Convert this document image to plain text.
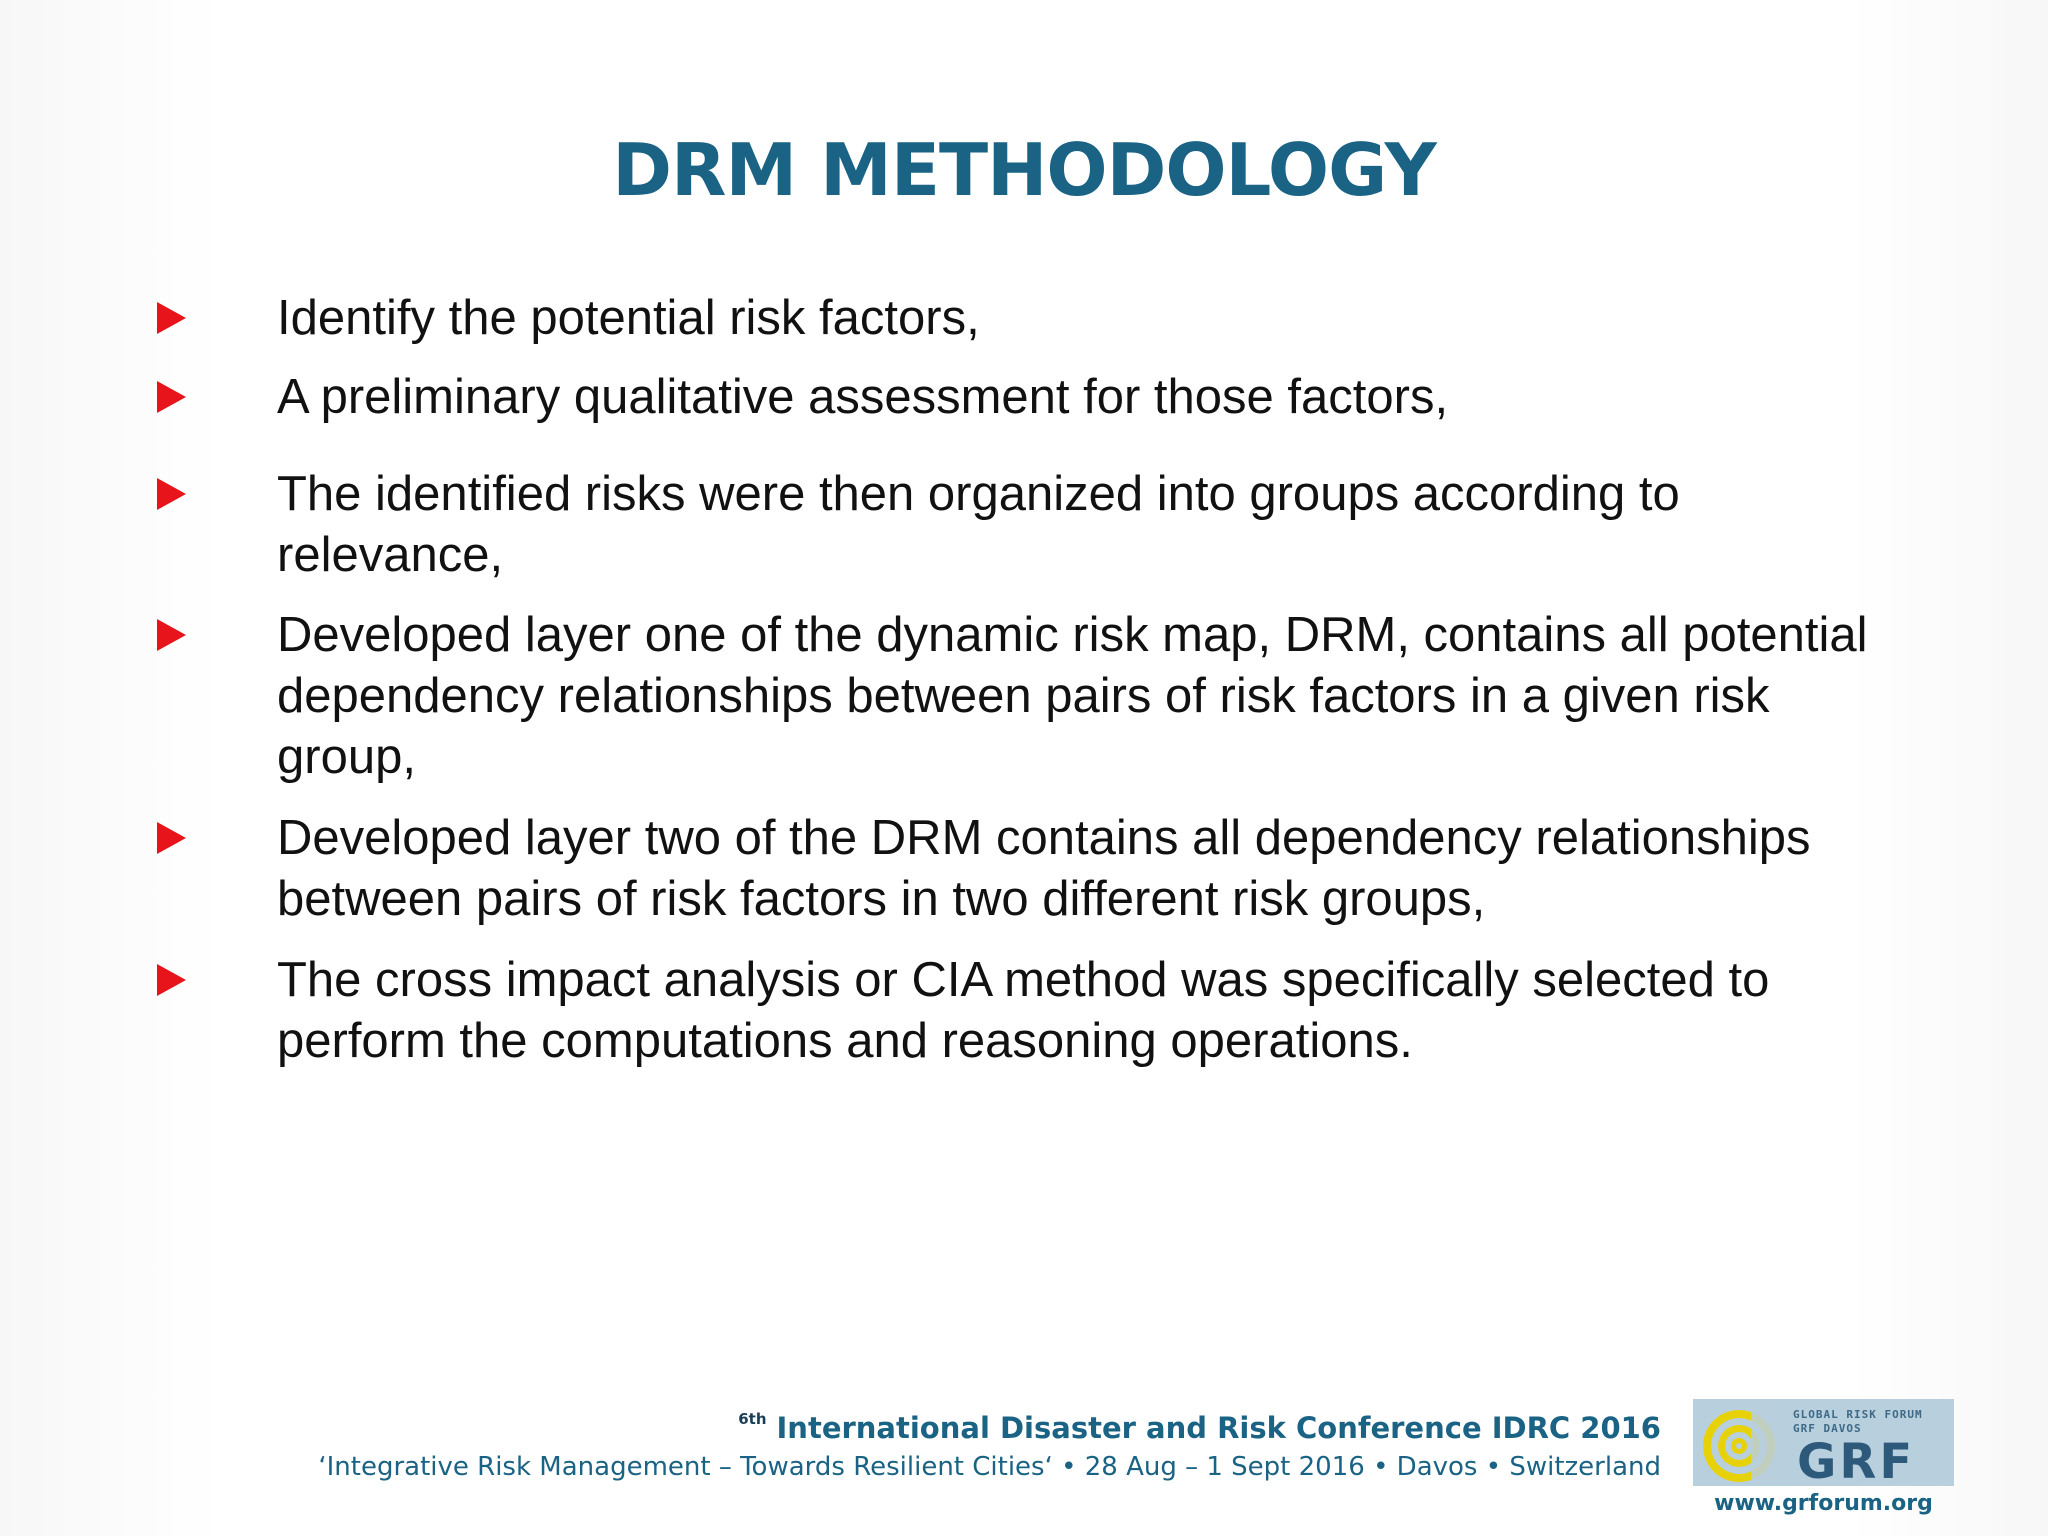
DRM METHODOLOGY
Identify the potential risk factors,
A preliminary qualitative assessment for those factors,
The identified risks were then organized into groups according to relevance,
Developed layer one of the dynamic risk map, DRM, contains all potential dependency relationships between pairs of risk factors in a given risk group,
Developed layer two of the DRM contains all dependency relationships between pairs of risk factors in two different risk groups,
The cross impact analysis or CIA method was specifically selected to perform the computations and reasoning operations.
$^{6th}$ International Disaster and Risk Conference IDRC 2016
‘Integrative Risk Management – Towards Resilient Cities‘ • 28 Aug – 1 Sept 2016 • Davos • Switzerland
GLOBAL RISK FORUM
GRF DAVOS
GRF
www.grforum.org
